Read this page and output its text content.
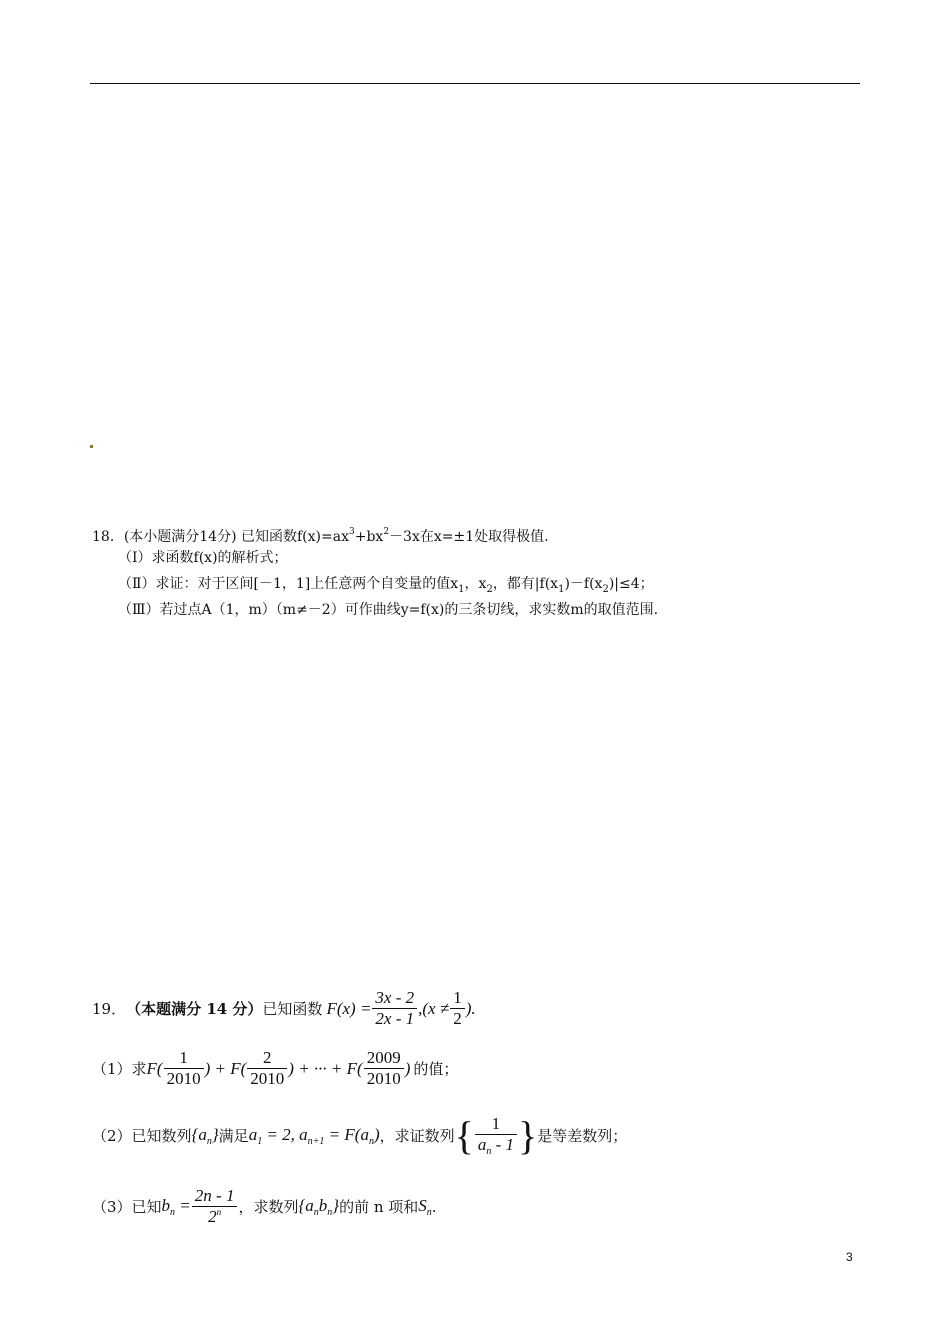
18．(本小题满分14分) 已知函数$f(x)=ax^3+bx^2-3x$在x=±1处取得极值.
（Ⅰ）求函数f(x)的解析式；
（Ⅱ）求证：对于区间[－1，1]上任意两个自变量的值$x_1$，$x_2$，都有$|f(x_1)-f(x_2)|\le 4$；
（Ⅲ）若过点A（1，m）（m≠－2）可作曲线y=f(x)的三条切线，求实数m的取值范围.
19． （本题满分 14 分） 已知函数 $F(x) = \frac{3x - 2}{2x - 1} ,(x \ne \frac{1}{2}$ ).
（1）求 $F( \frac{1}{2010}$ ) + $F( \frac{2}{2010}$ ) + ··· + $F( \frac{2009}{2010}$ ) 的值；
（2）已知数列 $\{a_n\}$ 满足 $a_1 = 2$, $a_{n+1} = F(a_n)$ ，求证数列 { $\frac{1}{a_n - 1}$ } 是等差数列；
（3）已知 $b_n = \frac{2n - 1}{2^n}$ ，求数列 $\{a_nb_n\}$ 的前 n 项和 $S_n$ .
3
